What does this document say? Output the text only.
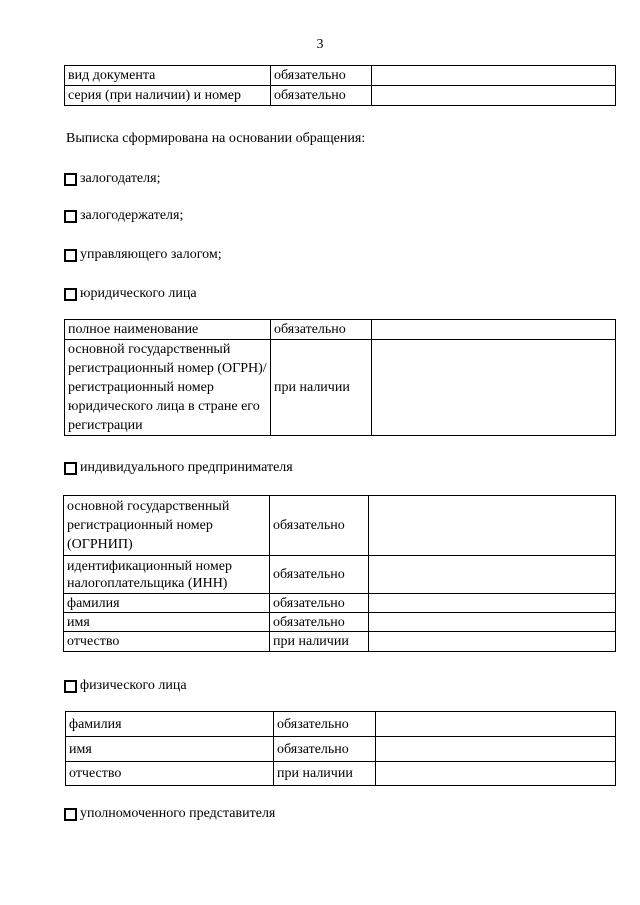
3
вид документа	обязательно	
серия (при наличии) и номер	обязательно	
Выписка сформирована на основании обращения:
залогодателя;
залогодержателя;
управляющего залогом;
юридического лица
полное наименование	обязательно	
основной государственный регистрационный номер (ОГРН)/регистрационный номер юридического лица в стране его регистрации	при наличии	
индивидуального предпринимателя
основной государственный регистрационный номер (ОГРНИП)	обязательно	
идентификационный номер налогоплательщика (ИНН)	обязательно	
фамилия	обязательно	
имя	обязательно	
отчество	при наличии	
физического лица
фамилия	обязательно	
имя	обязательно	
отчество	при наличии	
уполномоченного представителя
